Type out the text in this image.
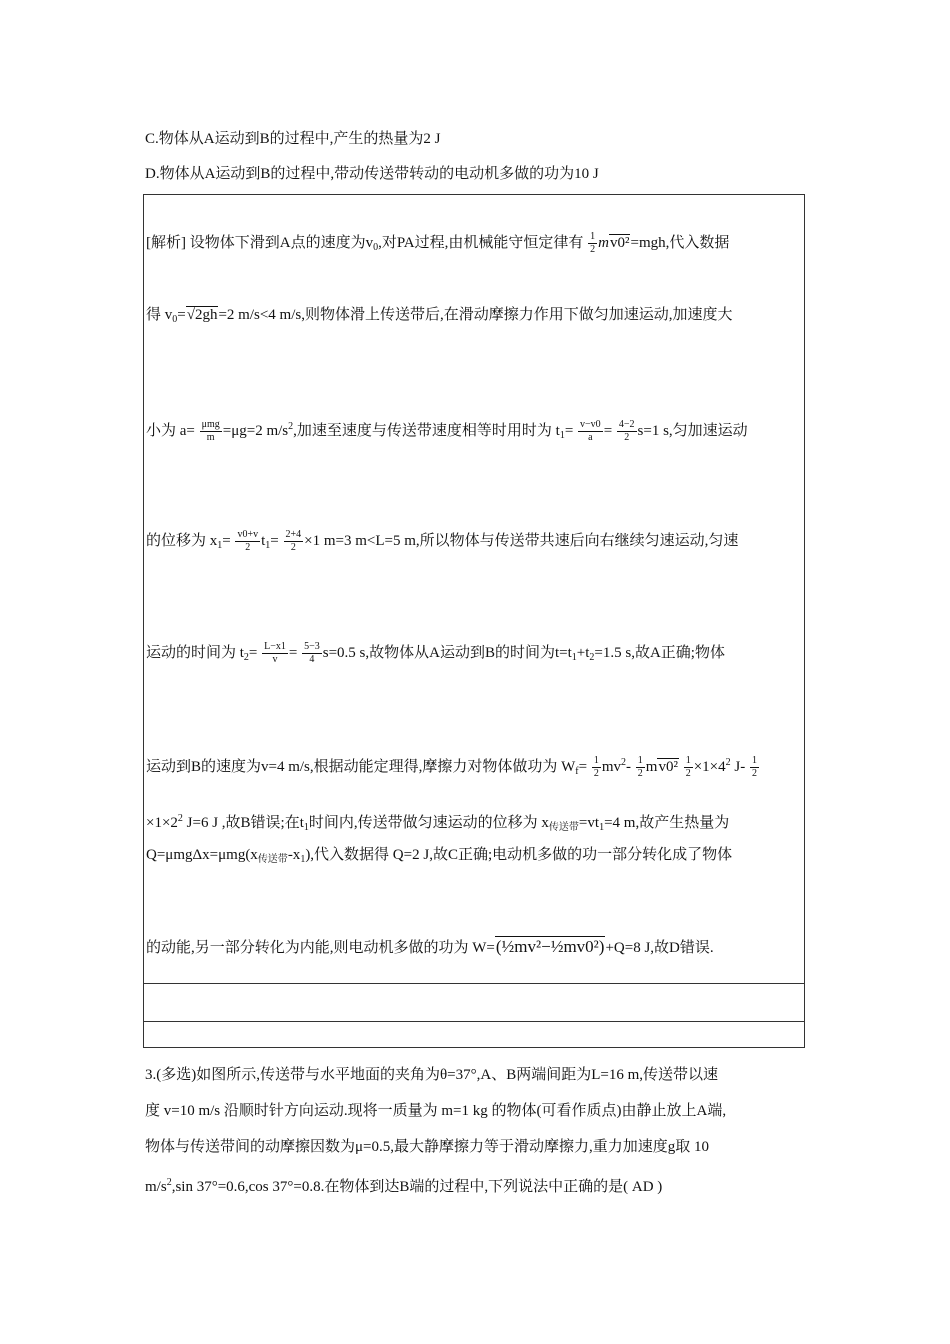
C.物体从A运动到B的过程中,产生的热量为2 J
D.物体从A运动到B的过程中,带动传送带转动的电动机多做的功为10 J
[解析] 设物体下滑到A点的速度为$v_0$,对PA过程,由机械能守恒定律有 $\frac{1}{2} mv0^2=mgh$,代入数据
得 $v_0=√2gh=2$ m/s<4 m/s,则物体滑上传送带后,在滑动摩擦力作用下做匀加速运动,加速度大
小为 a= μmg
m =μg=2 $m/s^2$,加速至速度与传送带速度相等时用时为 $t_1= \frac{v-v0}{a} = \frac{4-2}{2} s=1$ s,匀加速运动
的位移为 $x_1= \frac{v0+v}{2} t_1= \frac{2+4}{2} \times 1$ m=3 m<L=5 m,所以物体与传送带共速后向右继续匀速运动,匀速
运动的时间为 $t_2= \frac{L-x1}{v} = \frac{5-3}{4} s=0.5$ s,故物体从A运动到B的时间为$t=t_1+t_2=1.5$ s,故A正确;物体
运动到B的速度为v=4 m/s,根据动能定理得,摩擦力对物体做功为 $W_f= \frac{1}{2} mv^2- \frac{1}{2} mv0^2 \frac{1}{2} \times 1\times 4^2$ $J- \frac{1}{2}$
$\times 1\times 2^2$ J=6 J ,故B错误;在$t_1$时间内,传送带做匀速运动的位移为 $x_{传送带}=vt_1=4$ m,故产生热量为
$Q=\mu mg\Delta x=\mu mg(x_{传送带}-x_1)$,代入数据得 Q=2 J,故C正确;电动机多做的功一部分转化成了物体
的动能,另一部分转化为内能,则电动机多做的功为 W=(½mv²−½mv0²)+Q=8 J,故D错误.
3.(多选)如图所示,传送带与水平地面的夹角为θ=37°,A、B两端间距为L=16 m,传送带以速
度 v=10 m/s 沿顺时针方向运动.现将一质量为 m=1 kg 的物体(可看作质点)由静止放上A端,
物体与传送带间的动摩擦因数为μ=0.5,最大静摩擦力等于滑动摩擦力,重力加速度g取 10
$m/s^2,\sin$ 37°=0.6,cos 37°=0.8.在物体到达B端的过程中,下列说法中正确的是( AD )
